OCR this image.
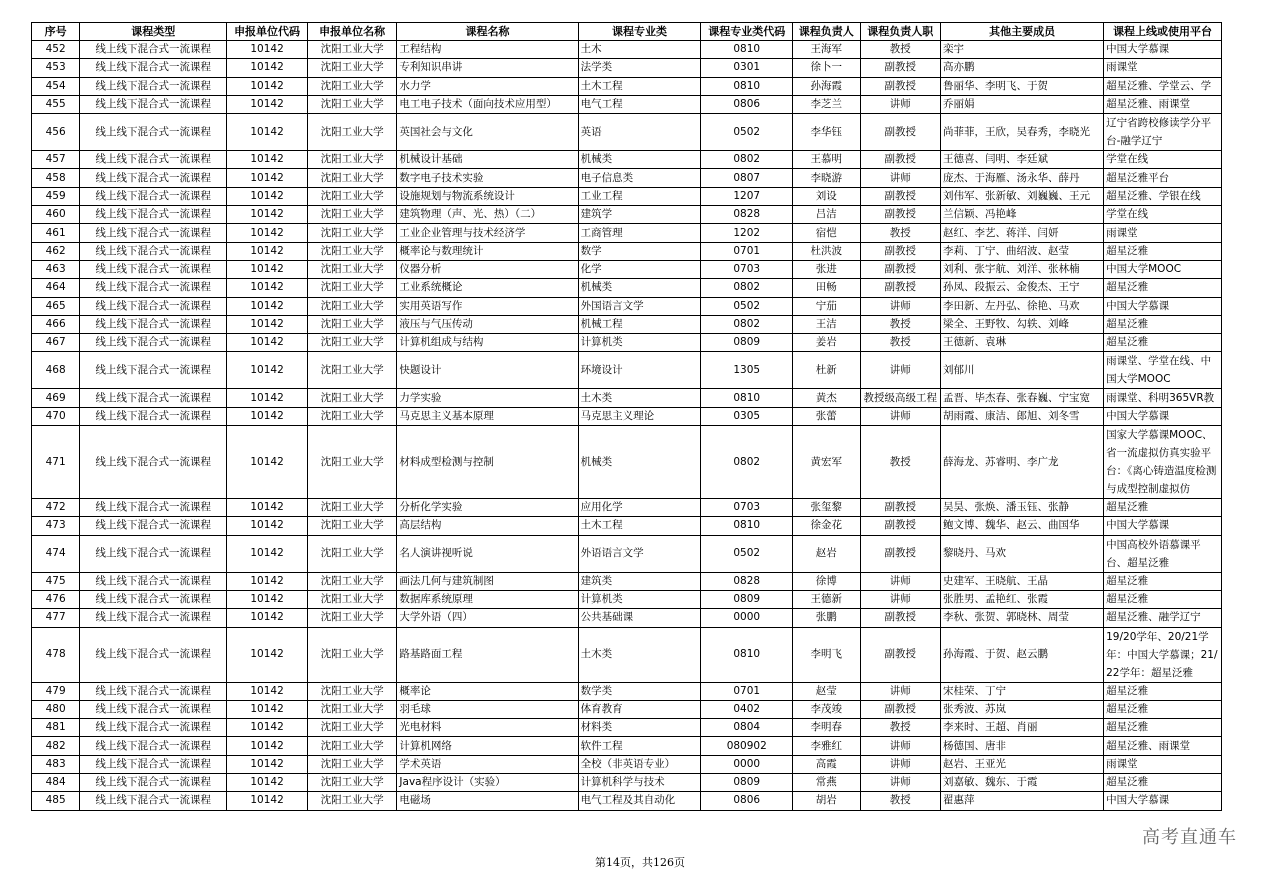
序号	课程类型	申报单位代码	申报单位名称	课程名称	课程专业类	课程专业类代码	课程负责人	课程负责人职	其他主要成员	课程上线或使用平台
452	线上线下混合式一流课程	10142	沈阳工业大学	工程结构	土木	0810	王海军	教授	栾宇	中国大学慕课
453	线上线下混合式一流课程	10142	沈阳工业大学	专利知识串讲	法学类	0301	徐卜一	副教授	高亦鹏	雨课堂
454	线上线下混合式一流课程	10142	沈阳工业大学	水力学	土木工程	0810	孙海霞	副教授	鲁丽华、李明飞、于贺	超星泛雅、学堂云、学
455	线上线下混合式一流课程	10142	沈阳工业大学	电工电子技术（面向技术应用型）	电气工程	0806	李芝兰	讲师	乔丽娟	超星泛雅、雨课堂
456	线上线下混合式一流课程	10142	沈阳工业大学	英国社会与文化	英语	0502	李华钰	副教授	尚菲菲，王欣，吴春秀，李晓光	辽宁省跨校修读学分平台-融学辽宁
457	线上线下混合式一流课程	10142	沈阳工业大学	机械设计基础	机械类	0802	王慕明	副教授	王德喜、闫明、李廷斌	学堂在线
458	线上线下混合式一流课程	10142	沈阳工业大学	数字电子技术实验	电子信息类	0807	李晓游	讲师	庞杰、于海雁、汤永华、薛丹	超星泛雅平台
459	线上线下混合式一流课程	10142	沈阳工业大学	设施规划与物流系统设计	工业工程	1207	刘设	副教授	刘伟军、张新敏、刘巍巍、王元	超星泛雅、学银在线
460	线上线下混合式一流课程	10142	沈阳工业大学	建筑物理（声、光、热）（二）	建筑学	0828	吕洁	副教授	兰信颖、冯艳峰	学堂在线
461	线上线下混合式一流课程	10142	沈阳工业大学	工业企业管理与技术经济学	工商管理	1202	宿恺	教授	赵红、李艺、蒋洋、闫妍	雨课堂
462	线上线下混合式一流课程	10142	沈阳工业大学	概率论与数理统计	数学	0701	杜洪波	副教授	李莉、丁宁、曲绍波、赵莹	超星泛雅
463	线上线下混合式一流课程	10142	沈阳工业大学	仪器分析	化学	0703	张进	副教授	刘利、张宇航、刘洋、张林楠	中国大学MOOC
464	线上线下混合式一流课程	10142	沈阳工业大学	工业系统概论	机械类	0802	田畅	副教授	孙凤、段振云、金俊杰、王宁	超星泛雅
465	线上线下混合式一流课程	10142	沈阳工业大学	实用英语写作	外国语言文学	0502	宁茄	讲师	李田新、左丹弘、徐艳、马欢	中国大学慕课
466	线上线下混合式一流课程	10142	沈阳工业大学	液压与气压传动	机械工程	0802	王洁	教授	梁全、王野牧、勾轶、刘峰	超星泛雅
467	线上线下混合式一流课程	10142	沈阳工业大学	计算机组成与结构	计算机类	0809	姜岩	教授	王德新、袁琳	超星泛雅
468	线上线下混合式一流课程	10142	沈阳工业大学	快题设计	环境设计	1305	杜新	讲师	刘郁川	雨课堂、学堂在线、中国大学MOOC
469	线上线下混合式一流课程	10142	沈阳工业大学	力学实验	土木类	0810	黄杰	教授级高级工程	孟晋、毕杰春、张春巍、宁宝宽	雨课堂、科明365VR教
470	线上线下混合式一流课程	10142	沈阳工业大学	马克思主义基本原理	马克思主义理论	0305	张蕾	讲师	胡雨霞、康洁、郎旭、刘冬雪	中国大学慕课
471	线上线下混合式一流课程	10142	沈阳工业大学	材料成型检测与控制	机械类	0802	黄宏军	教授	薛海龙、苏睿明、李广龙	国家大学慕课MOOC、省一流虚拟仿真实验平台：《离心铸造温度检测与成型控制虚拟仿
472	线上线下混合式一流课程	10142	沈阳工业大学	分析化学实验	应用化学	0703	张玺黎	副教授	吴昊、张焕、潘玉钰、张静	超星泛雅
473	线上线下混合式一流课程	10142	沈阳工业大学	高层结构	土木工程	0810	徐金花	副教授	鲍文博、魏华、赵云、曲国华	中国大学慕课
474	线上线下混合式一流课程	10142	沈阳工业大学	名人演讲视听说	外语语言文学	0502	赵岩	副教授	黎晓丹、马欢	中国高校外语慕课平台、超星泛雅
475	线上线下混合式一流课程	10142	沈阳工业大学	画法几何与建筑制图	建筑类	0828	徐博	讲师	史建军、王晓航、王晶	超星泛雅
476	线上线下混合式一流课程	10142	沈阳工业大学	数据库系统原理	计算机类	0809	王德新	讲师	张胜男、孟艳红、张霞	超星泛雅
477	线上线下混合式一流课程	10142	沈阳工业大学	大学外语（四）	公共基础课	0000	张鹏	副教授	李秋、张贺、郭晓林、周莹	超星泛雅、融学辽宁
478	线上线下混合式一流课程	10142	沈阳工业大学	路基路面工程	土木类	0810	李明飞	副教授	孙海霞、于贺、赵云鹏	19/20学年、20/21学年：中国大学慕课；21/22学年：超星泛雅
479	线上线下混合式一流课程	10142	沈阳工业大学	概率论	数学类	0701	赵莹	讲师	宋桂荣、丁宁	超星泛雅
480	线上线下混合式一流课程	10142	沈阳工业大学	羽毛球	体育教育	0402	李茂竣	副教授	张秀波、苏岚	超星泛雅
481	线上线下混合式一流课程	10142	沈阳工业大学	光电材料	材料类	0804	李明春	教授	李来时、王超、肖丽	超星泛雅
482	线上线下混合式一流课程	10142	沈阳工业大学	计算机网络	软件工程	080902	李雅红	讲师	杨德国、唐非	超星泛雅、雨课堂
483	线上线下混合式一流课程	10142	沈阳工业大学	学术英语	全校（非英语专业）	0000	高霞	讲师	赵岩、王亚光	雨课堂
484	线上线下混合式一流课程	10142	沈阳工业大学	Java程序设计（实验）	计算机科学与技术	0809	常燕	讲师	刘嘉敏、魏东、于霞	超星泛雅
485	线上线下混合式一流课程	10142	沈阳工业大学	电磁场	电气工程及其自动化	0806	胡岩	教授	翟惠萍	中国大学慕课
第14页，共126页
高考直通车
